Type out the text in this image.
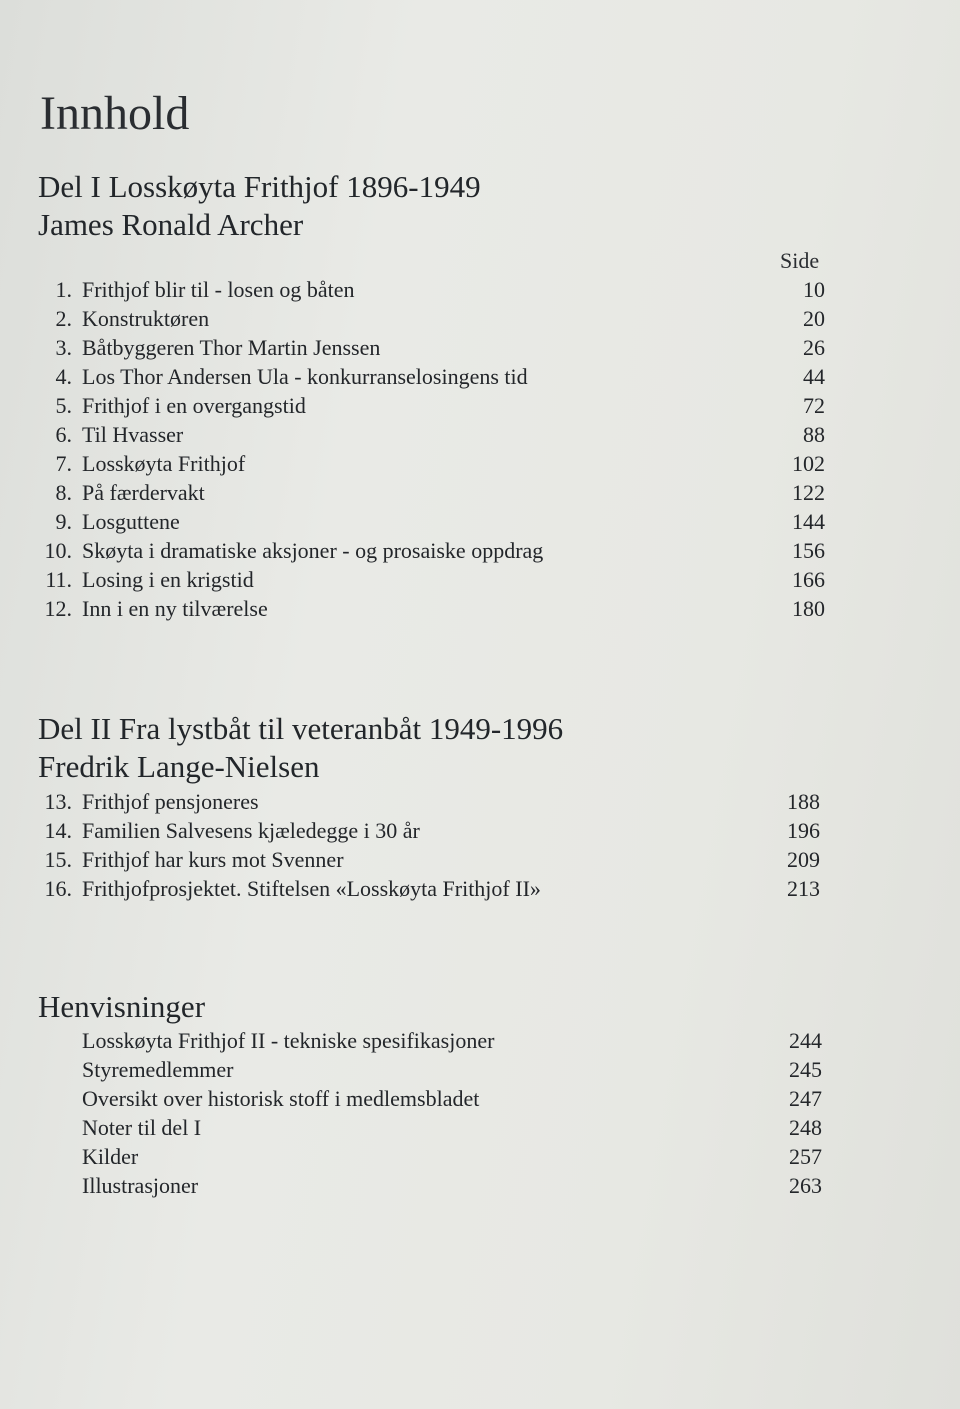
Innhold
Del I Losskøyta Frithjof 1896-1949
James Ronald Archer
Side
1. Frithjof blir til - losen og båten	10
2. Konstruktøren	20
3. Båtbyggeren Thor Martin Jenssen	26
4. Los Thor Andersen Ula - konkurranselosingens tid	44
5. Frithjof i en overgangstid	72
6. Til Hvasser	88
7. Losskøyta Frithjof	102
8. På færdervakt	122
9. Losguttene	144
10. Skøyta i dramatiske aksjoner - og prosaiske oppdrag	156
11. Losing i en krigstid	166
12. Inn i en ny tilværelse	180
Del II Fra lystbåt til veteranbåt 1949-1996
Fredrik Lange-Nielsen
13. Frithjof pensjoneres	188
14. Familien Salvesens kjæledegge i 30 år	196
15. Frithjof har kurs mot Svenner	209
16. Frithjofprosjektet. Stiftelsen «Losskøyta Frithjof II»	213
Henvisninger
Losskøyta Frithjof II - tekniske spesifikasjoner	244
Styremedlemmer	245
Oversikt over historisk stoff i medlemsbladet	247
Noter til del I	248
Kilder	257
Illustrasjoner	263
